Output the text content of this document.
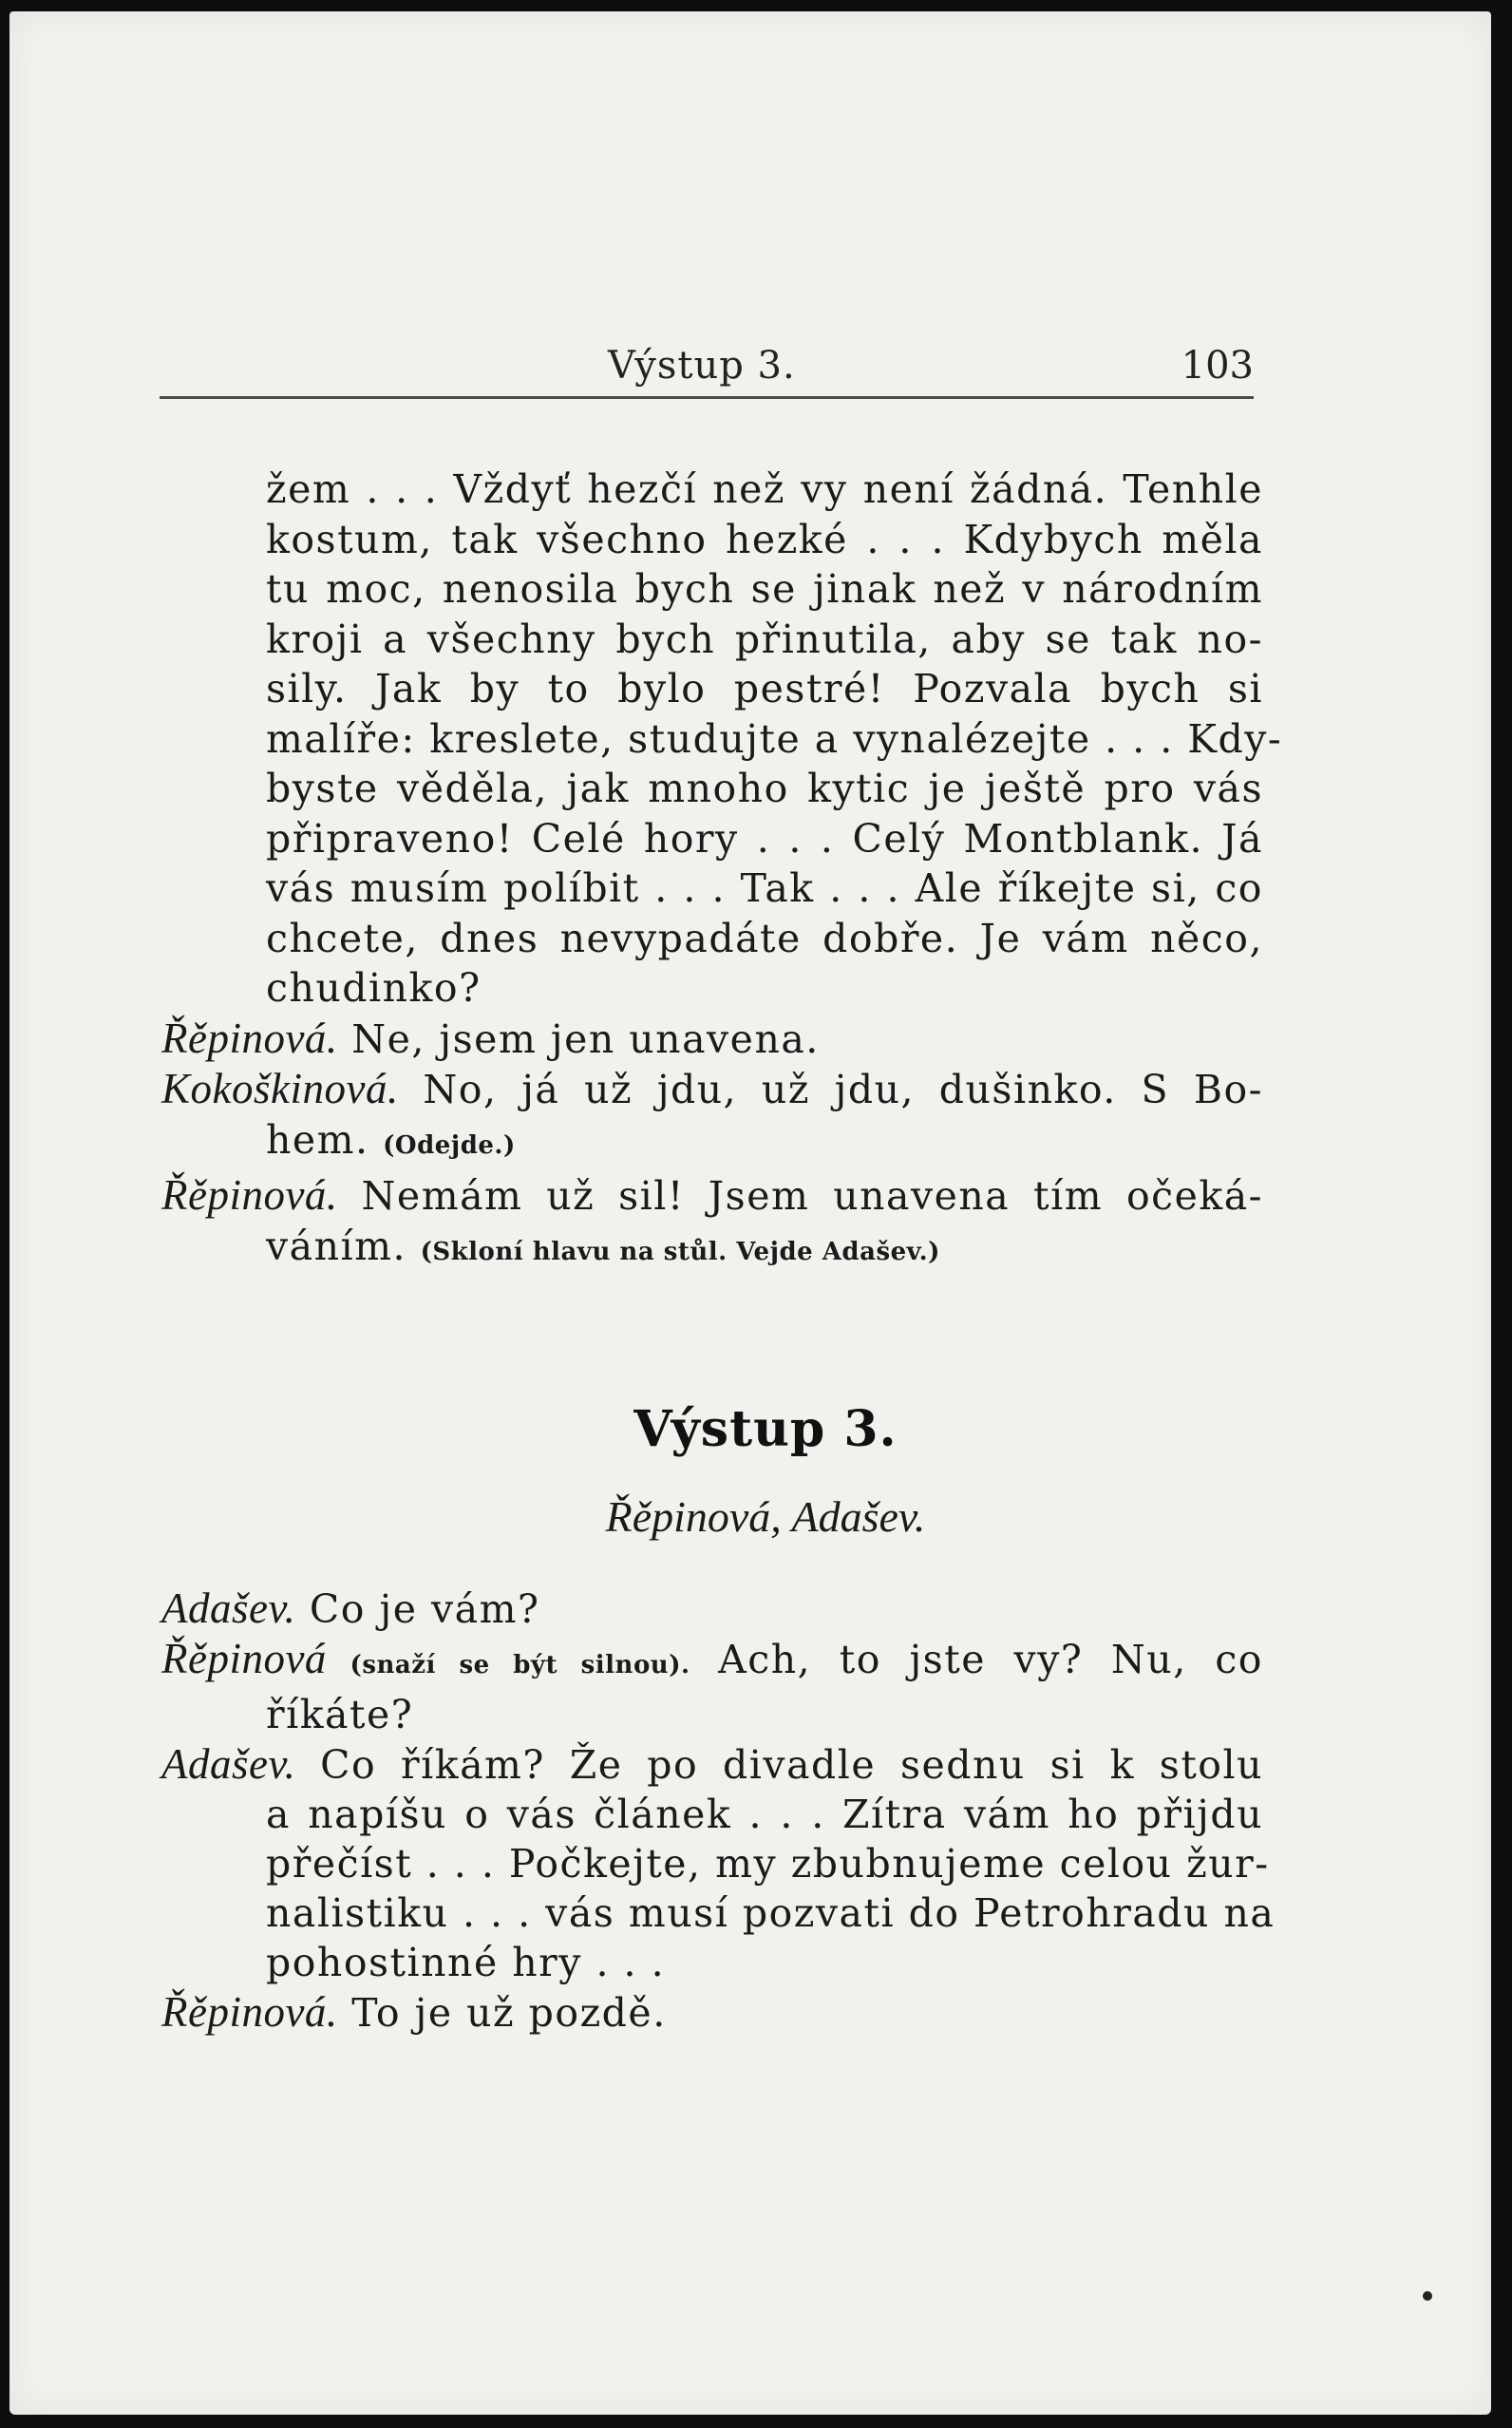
Výstup 3.	103
žem . . . Vždyť hezčí než vy není žádná. Tenhle
kostum, tak všechno hezké . . . Kdybych měla
tu moc, nenosila bych se jinak než v národním
kroji a všechny bych přinutila, aby se tak no-
sily. Jak by to bylo pestré! Pozvala bych si
malíře: kreslete, studujte a vynalézejte . . . Kdy-
byste věděla, jak mnoho kytic je ještě pro vás
připraveno! Celé hory . . . Celý Montblank. Já
vás musím políbit . . . Tak . . . Ale říkejte si, co
chcete, dnes nevypadáte dobře. Je vám něco,
chudinko?
Řěpinová. Ne, jsem jen unavena.
Kokoškinová. No, já už jdu, už jdu, dušinko. S Bo-
hem. (Odejde.)
Řěpinová. Nemám už sil! Jsem unavena tím očeká-
váním. (Skloní hlavu na stůl. Vejde Adašev.)
Výstup 3.
Řěpinová, Adašev.
Adašev. Co je vám?
Řěpinová (snaží se být silnou). Ach, to jste vy? Nu, co
říkáte?
Adašev. Co říkám? Že po divadle sednu si k stolu
a napíšu o vás článek . . . Zítra vám ho přijdu
přečíst . . . Počkejte, my zbubnujeme celou žur-
nalistiku . . . vás musí pozvati do Petrohradu na
pohostinné hry . . .
Řěpinová. To je už pozdě.
